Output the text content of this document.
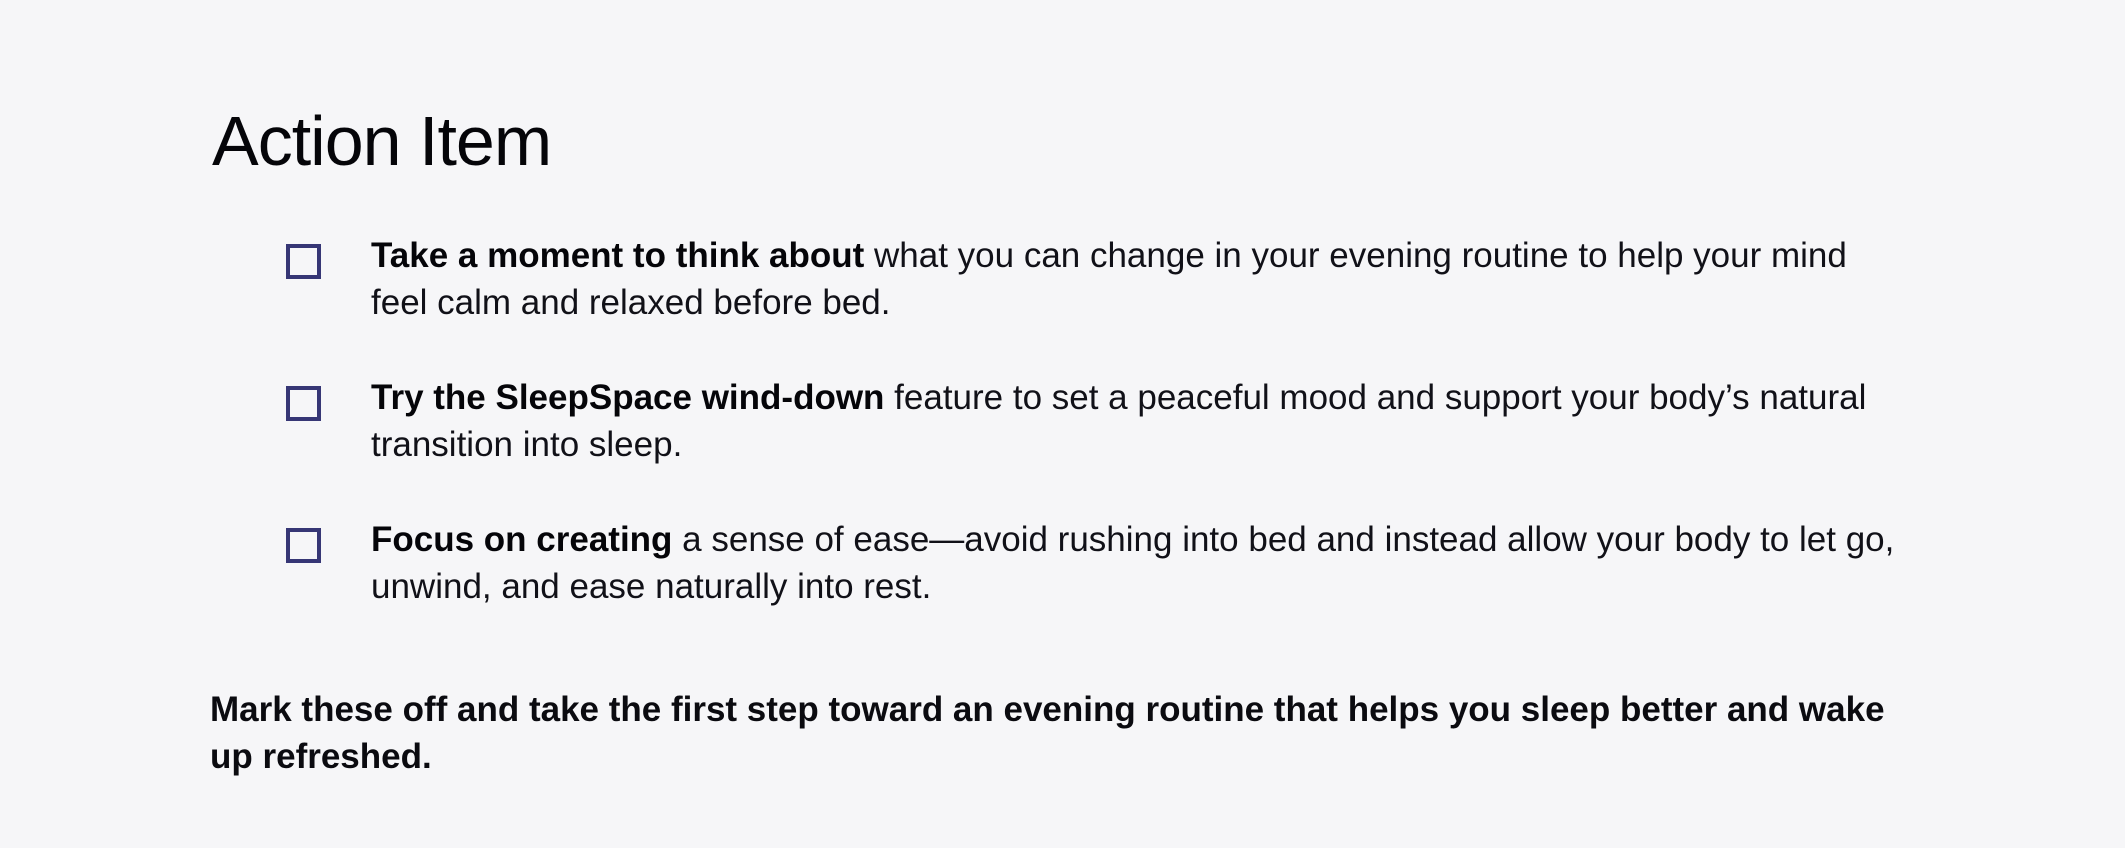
Action Item
Take a moment to think about what you can change in your evening routine to help your mind feel calm and relaxed before bed.
Try the SleepSpace wind-down feature to set a peaceful mood and support your body’s natural transition into sleep.
Focus on creating a sense of ease—avoid rushing into bed and instead allow your body to let go, unwind, and ease naturally into rest.

Mark these off and take the first step toward an evening routine that helps you sleep better and wake up refreshed.
